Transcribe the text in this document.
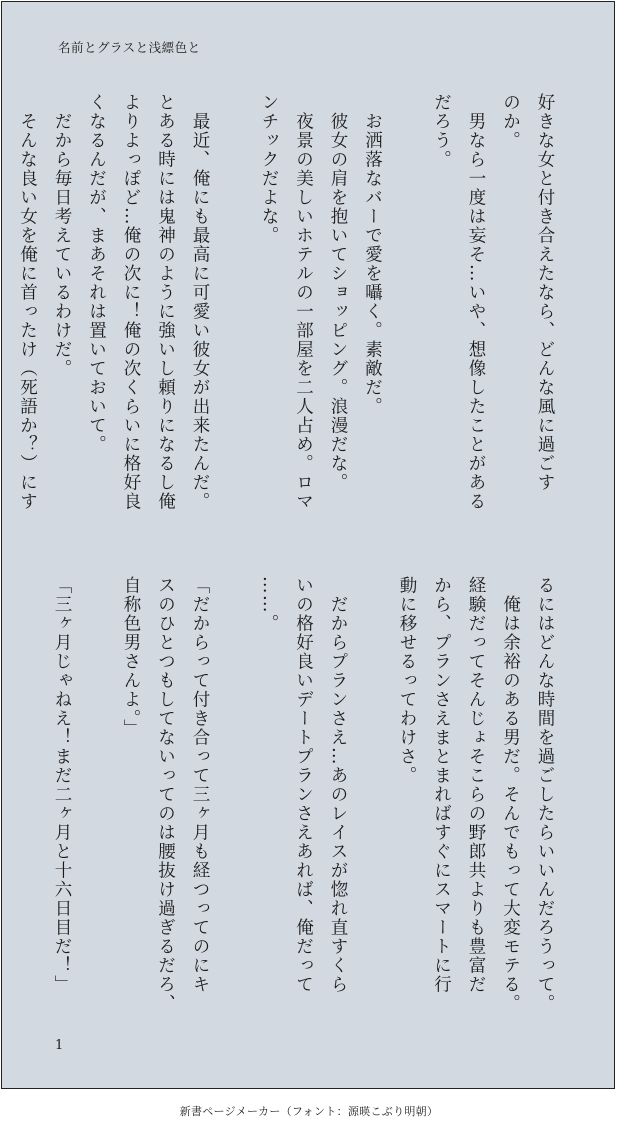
名前とグラスと浅縹色と

好きな女と付き合えたなら、どんな風に過ごす

のか。

　男なら一度は妄そ…いや、想像したことがある

だろう。

　お洒落なバーで愛を囁く。素敵だ。

　彼女の肩を抱いてショッピング。浪漫だな。

　夜景の美しいホテルの一部屋を二人占め。ロマ

ンチックだよな。

　最近、俺にも最高に可愛い彼女が出来たんだ。

とある時には鬼神のように強いし頼りになるし俺

よりよっぽど…俺の次に！俺の次くらいに格好良

くなるんだが、まあそれは置いておいて。

　だから毎日考えているわけだ。

　そんな良い女を俺に首ったけ（死語か？）にす

るにはどんな時間を過ごしたらいいんだろうって。

　俺は余裕のある男だ。そんでもって大変モテる。

経験だってそんじょそこらの野郎共よりも豊富だ

から、プランさえまとまればすぐにスマートに行

動に移せるってわけさ。

　だからプランさえ…あのレイスが惚れ直すくら

いの格好良いデートプランさえあれば、俺だって

……。

「だからって付き合って三ヶ月も経つってのにキ

スのひとつもしてないってのは腰抜け過ぎるだろ、

自称色男さんよ。」

「三ヶ月じゃねえ！まだ二ヶ月と十六日目だ！」

1
新書ページメーカー（フォント：源暎こぶり明朝）
